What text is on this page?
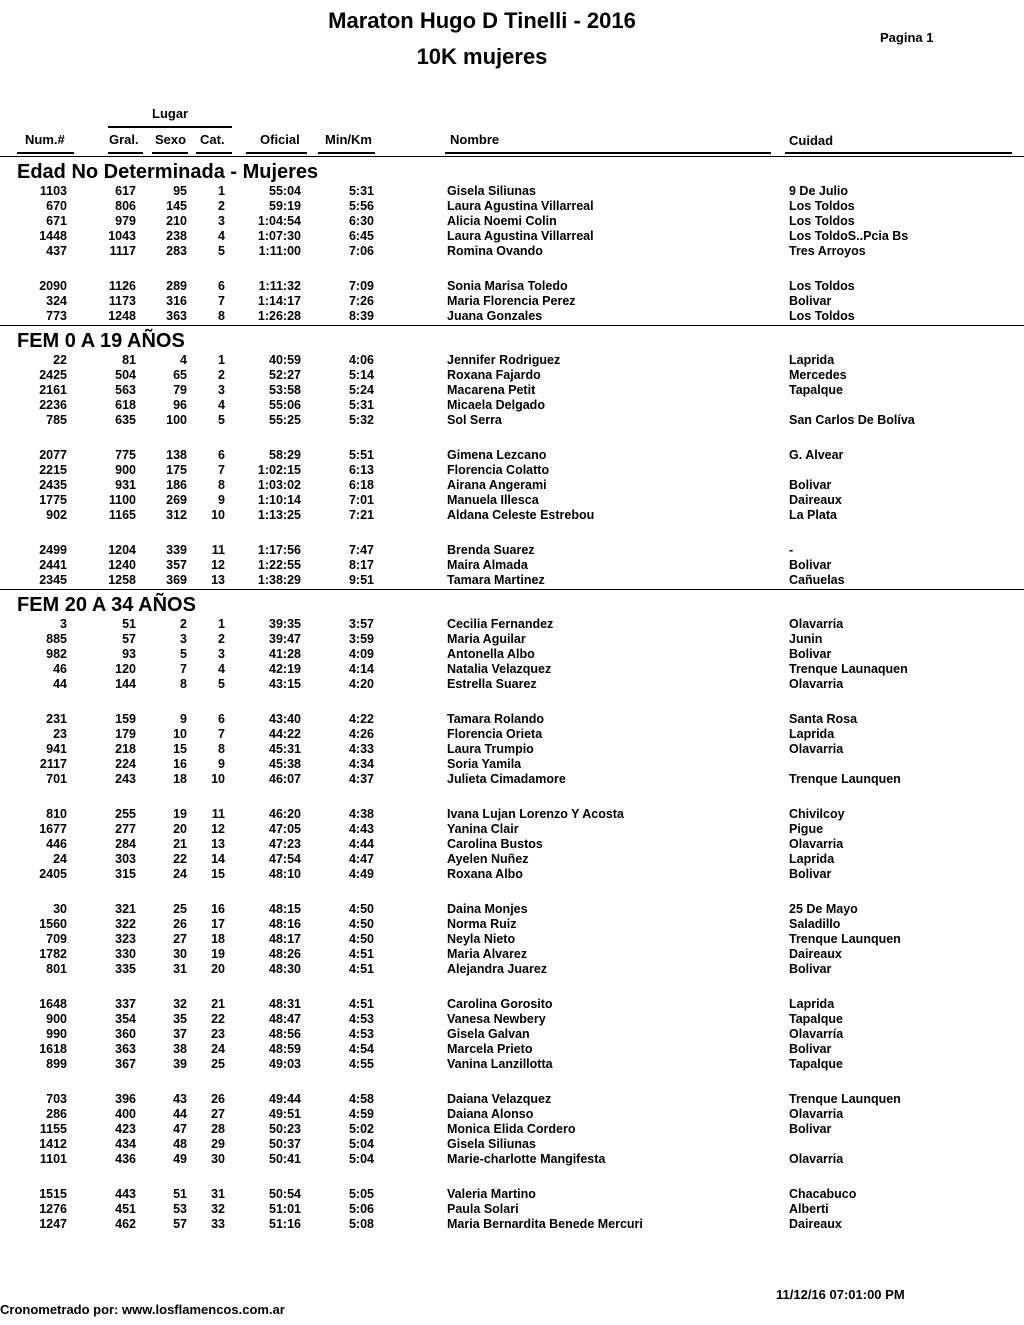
Maraton Hugo D Tinelli - 2016
10K mujeres
Pagina 1
Lugar
Num.#	Gral. Sexo Cat.	Oficial Min/Km	Nombre	Cuidad
Edad No Determinada - Mujeres
1103	617	95 1	55:04	5:31	Gisela Siliunas	9 De Julio
670	806 145 2	59:19	5:56	Laura Agustina Villarreal	Los Toldos
671	979 210 3	1:04:54	6:30	Alicia Noemi Colin	Los Toldos
1448	1043 238 4	1:07:30	6:45	Laura Agustina Villarreal	Los ToldoS..Pcia Bs
437	1117 283 5	1:11:00	7:06	Romina Ovando	Tres Arroyos
2090	1126 289 6	1:11:32	7:09	Sonia Marisa Toledo	Los Toldos
324	1173 316 7	1:14:17	7:26	Maria Florencia Perez	Bolivar
773	1248 363 8	1:26:28	8:39	Juana Gonzales	Los Toldos
FEM 0 A 19 AÑOS
22	81	4 1	40:59	4:06	Jennifer Rodriguez	Laprida
2425	504	65 2	52:27	5:14	Roxana Fajardo	Mercedes
2161	563	79 3	53:58	5:24	Macarena Petit	Tapalque
2236	618	96 4	55:06	5:31	Micaela Delgado
785	635 100 5	55:25	5:32	Sol Serra	San Carlos De Bolíva
2077	775 138 6	58:29	5:51	Gimena Lezcano	G. Alvear
2215	900 175 7	1:02:15	6:13	Florencia Colatto
2435	931 186 8	1:03:02	6:18	Airana Angerami	Bolivar
1775	1100 269 9	1:10:14	7:01	Manuela Illesca	Daireaux
902	1165 312 10	1:13:25	7:21	Aldana Celeste Estrebou	La Plata
2499	1204 339 11	1:17:56	7:47	Brenda Suarez	-
2441	1240 357 12	1:22:55	8:17	Maira Almada	Bolivar
2345	1258 369 13	1:38:29	9:51	Tamara Martinez	Cañuelas
FEM 20 A 34 AÑOS
3	51	2 1	39:35	3:57	Cecilia Fernandez	Olavarria
885	57	3 2	39:47	3:59	Maria Aguilar	Junin
982	93	5 3	41:28	4:09	Antonella Albo	Bolivar
46	120	7 4	42:19	4:14	Natalia Velazquez	Trenque Launaquen
44	144	8 5	43:15	4:20	Estrella Suarez	Olavarria
231	159	9 6	43:40	4:22	Tamara Rolando	Santa Rosa
23	179	10 7	44:22	4:26	Florencia Orieta	Laprida
941	218	15 8	45:31	4:33	Laura Trumpio	Olavarria
2117	224	16 9	45:38	4:34	Soria Yamila
701	243	18 10	46:07	4:37	Julieta Cimadamore	Trenque Launquen
810	255	19 11	46:20	4:38	Ivana Lujan Lorenzo Y Acosta	Chivilcoy
1677	277	20 12	47:05	4:43	Yanina Clair	Pigue
446	284	21 13	47:23	4:44	Carolina Bustos	Olavarria
24	303	22 14	47:54	4:47	Ayelen Nuñez	Laprida
2405	315	24 15	48:10	4:49	Roxana Albo	Bolivar
30	321	25 16	48:15	4:50	Daina Monjes	25 De Mayo
1560	322	26 17	48:16	4:50	Norma Ruiz	Saladillo
709	323	27 18	48:17	4:50	Neyla Nieto	Trenque Launquen
1782	330	30 19	48:26	4:51	Maria Alvarez	Daireaux
801	335	31 20	48:30	4:51	Alejandra Juarez	Bolivar
1648	337	32 21	48:31	4:51	Carolina Gorosito	Laprida
900	354	35 22	48:47	4:53	Vanesa Newbery	Tapalque
990	360	37 23	48:56	4:53	Gisela Galvan	Olavarría
1618	363	38 24	48:59	4:54	Marcela Prieto	Bolivar
899	367	39 25	49:03	4:55	Vanina Lanzillotta	Tapalque
703	396	43 26	49:44	4:58	Daiana Velazquez	Trenque Launquen
286	400	44 27	49:51	4:59	Daiana Alonso	Olavarria
1155	423	47 28	50:23	5:02	Monica Elida Cordero	Bolivar
1412	434	48 29	50:37	5:04	Gisela Siliunas
1101	436	49 30	50:41	5:04	Marie-charlotte Mangifesta	Olavarria
1515	443	51 31	50:54	5:05	Valeria Martino	Chacabuco
1276	451	53 32	51:01	5:06	Paula Solari	Alberti
1247	462	57 33	51:16	5:08	Maria Bernardita Benede Mercuri	Daireaux
Cronometrado por: www.losflamencos.com.ar
11/12/16 07:01:00 PM
